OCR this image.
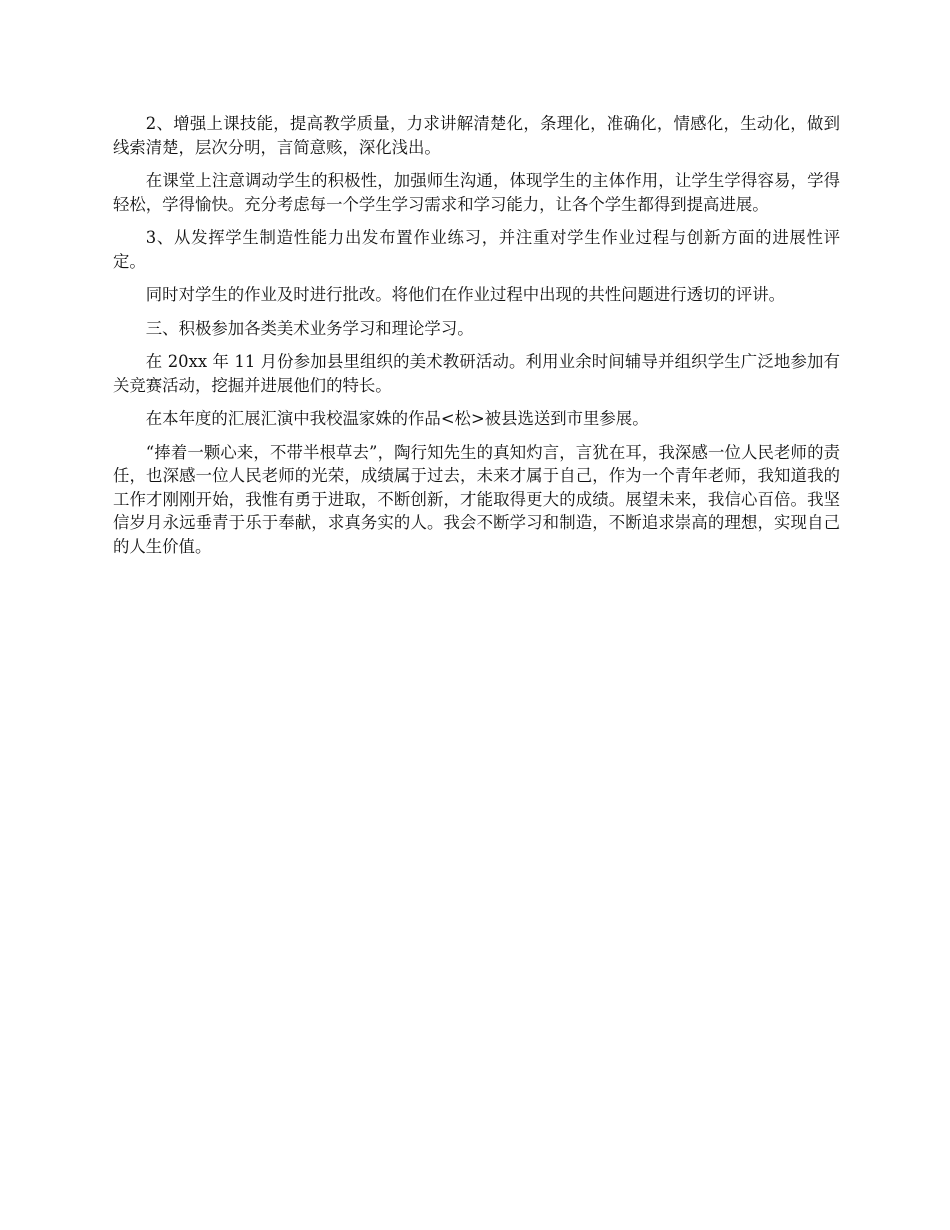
2、增强上课技能，提高教学质量，力求讲解清楚化，条理化，准确化，情感化，生动化，做到线索清楚，层次分明，言简意赅，深化浅出。

在课堂上注意调动学生的积极性，加强师生沟通，体现学生的主体作用，让学生学得容易，学得轻松，学得愉快。充分考虑每一个学生学习需求和学习能力，让各个学生都得到提高进展。

3、从发挥学生制造性能力出发布置作业练习，并注重对学生作业过程与创新方面的进展性评定。

同时对学生的作业及时进行批改。将他们在作业过程中出现的共性问题进行透切的评讲。

三、积极参加各类美术业务学习和理论学习。

在 20xx 年 11 月份参加县里组织的美术教研活动。利用业余时间辅导并组织学生广泛地参加有关竞赛活动，挖掘并进展他们的特长。

在本年度的汇展汇演中我校温家姝的作品<松>被县选送到市里参展。

“捧着一颗心来，不带半根草去”，陶行知先生的真知灼言，言犹在耳，我深感一位人民老师的责任，也深感一位人民老师的光荣，成绩属于过去，未来才属于自己，作为一个青年老师，我知道我的工作才刚刚开始，我惟有勇于进取，不断创新，才能取得更大的成绩。展望未来，我信心百倍。我坚信岁月永远垂青于乐于奉献，求真务实的人。我会不断学习和制造，不断追求崇高的理想，实现自己的人生价值。
